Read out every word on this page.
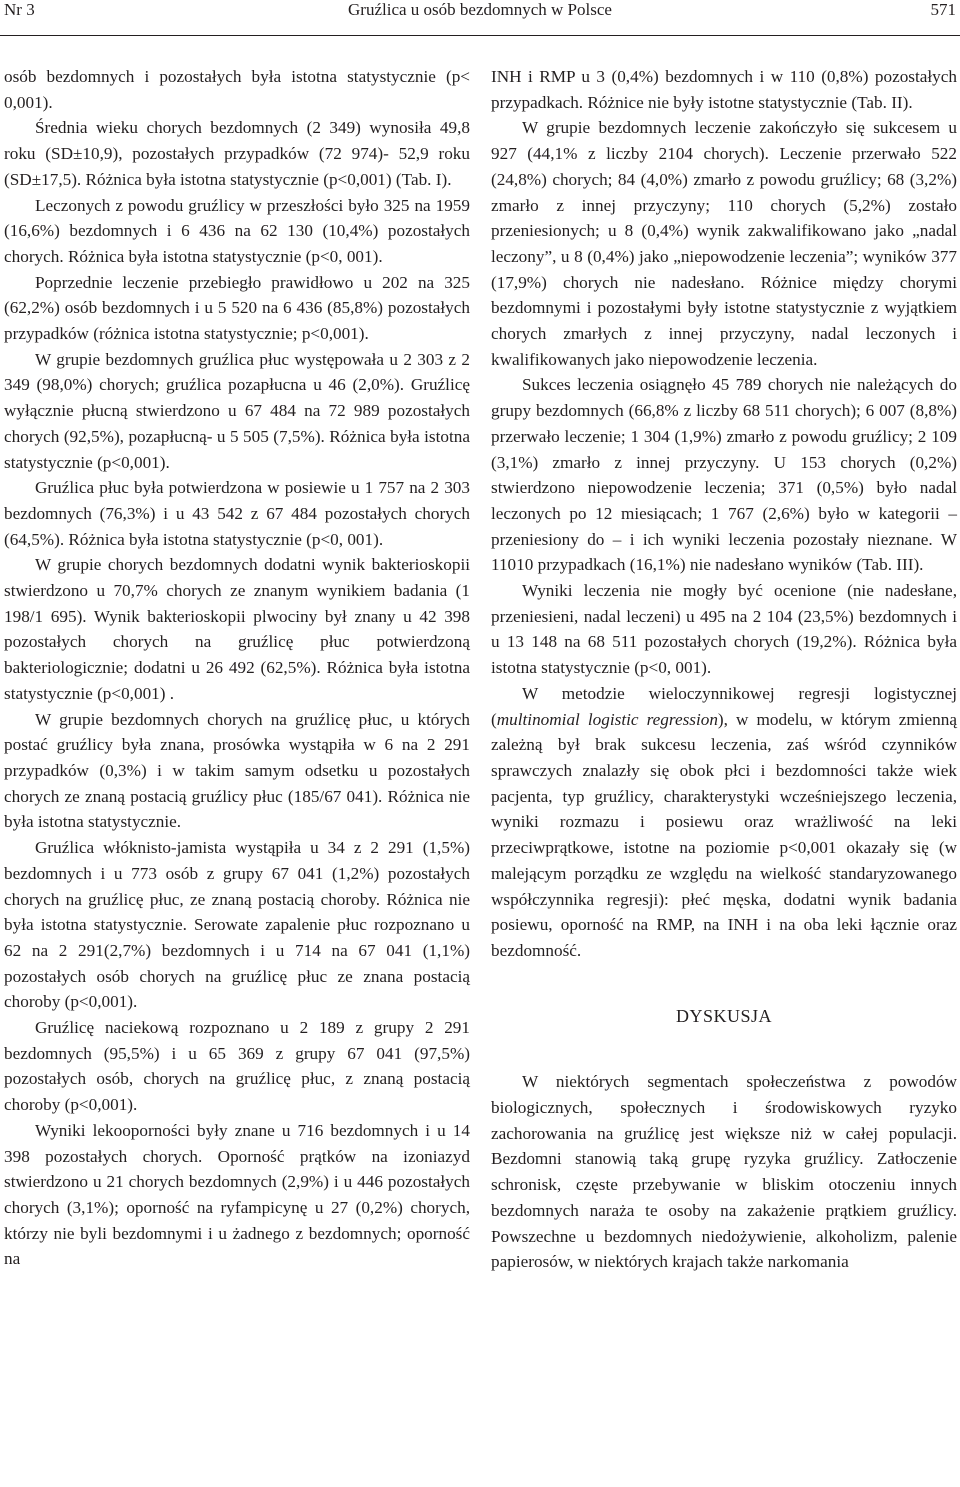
Nr 3	Gruźlica u osób bezdomnych w Polsce	571

osób bezdomnych i pozostałych była istotna statystycznie (p< 0,001).

Średnia wieku chorych bezdomnych (2 349) wynosiła 49,8 roku (SD±10,9), pozostałych przypadków (72 974)- 52,9 roku (SD±17,5). Różnica była istotna statystycznie (p<0,001) (Tab. I).

Leczonych z powodu gruźlicy w przeszłości było 325 na 1959 (16,6%) bezdomnych i 6 436 na 62 130 (10,4%) pozostałych chorych. Różnica była istotna statystycznie (p<0, 001).

Poprzednie leczenie przebiegło prawidłowo u 202 na 325 (62,2%) osób bezdomnych i u 5 520 na 6 436 (85,8%) pozostałych przypadków (różnica istotna statystycznie; p<0,001).

W grupie bezdomnych gruźlica płuc występowała u 2 303 z 2 349 (98,0%) chorych; gruźlica pozapłucna u 46 (2,0%). Gruźlicę wyłącznie płucną stwierdzono u 67 484 na 72 989 pozostałych chorych (92,5%), pozapłucną- u 5 505 (7,5%). Różnica była istotna statystycznie (p<0,001).

Gruźlica płuc była potwierdzona w posiewie u 1 757 na 2 303 bezdomnych (76,3%) i u 43 542 z 67 484 pozostałych chorych (64,5%). Różnica była istotna statystycznie (p<0, 001).

W grupie chorych bezdomnych dodatni wynik bakterioskopii stwierdzono u 70,7% chorych ze znanym wynikiem badania (1 198/1 695). Wynik bakterioskopii plwociny był znany u 42 398 pozostałych chorych na gruźlicę płuc potwierdzoną bakteriologicznie; dodatni u 26 492 (62,5%). Różnica była istotna statystycznie (p<0,001) .

W grupie bezdomnych chorych na gruźlicę płuc, u których postać gruźlicy była znana, prosówka wystąpiła w 6 na 2 291 przypadków (0,3%) i w takim samym odsetku u pozostałych chorych ze znaną postacią gruźlicy płuc (185/67 041). Różnica nie była istotna statystycznie.

Gruźlica włóknisto-jamista wystąpiła u 34 z 2 291 (1,5%) bezdomnych i u 773 osób z grupy 67 041 (1,2%) pozostałych chorych na gruźlicę płuc, ze znaną postacią choroby. Różnica nie była istotna statystycznie. Serowate zapalenie płuc rozpoznano u 62 na 2 291(2,7%) bezdomnych i u 714 na 67 041 (1,1%) pozostałych osób chorych na gruźlicę płuc ze znana postacią choroby (p<0,001).

Gruźlicę naciekową rozpoznano u 2 189 z grupy 2 291 bezdomnych (95,5%) i u 65 369 z grupy 67 041 (97,5%) pozostałych osób, chorych na gruźlicę płuc, z znaną postacią choroby (p<0,001).

Wyniki lekooporności były znane u 716 bezdomnych i u 14 398 pozostałych chorych. Oporność prątków na izoniazyd stwierdzono u 21 chorych bezdomnych (2,9%) i u 446 pozostałych chorych (3,1%); oporność na ryfampicynę u 27 (0,2%) chorych, którzy nie byli bezdomnymi i u żadnego z bezdomnych; oporność na

INH i RMP u 3 (0,4%) bezdomnych i w 110 (0,8%) pozostałych przypadkach. Różnice nie były istotne statystycznie (Tab. II).

W grupie bezdomnych leczenie zakończyło się sukcesem u 927 (44,1% z liczby 2104 chorych). Leczenie przerwało 522 (24,8%) chorych; 84 (4,0%) zmarło z powodu gruźlicy; 68 (3,2%) zmarło z innej przyczyny; 110 chorych (5,2%) zostało przeniesionych; u 8 (0,4%) wynik zakwalifikowano jako „nadal leczony”, u 8 (0,4%) jako „niepowodzenie leczenia”; wyników 377 (17,9%) chorych nie nadesłano. Różnice między chorymi bezdomnymi i pozostałymi były istotne statystycznie z wyjątkiem chorych zmarłych z innej przyczyny, nadal leczonych i kwalifikowanych jako niepowodzenie leczenia.

Sukces leczenia osiągnęło 45 789 chorych nie należących do grupy bezdomnych (66,8% z liczby 68 511 chorych); 6 007 (8,8%) przerwało leczenie; 1 304 (1,9%) zmarło z powodu gruźlicy; 2 109 (3,1%) zmarło z innej przyczyny. U 153 chorych (0,2%) stwierdzono niepowodzenie leczenia; 371 (0,5%) było nadal leczonych po 12 miesiącach; 1 767 (2,6%) było w kategorii – przeniesiony do – i ich wyniki leczenia pozostały nieznane. W 11010 przypadkach (16,1%) nie nadesłano wyników (Tab. III).

Wyniki leczenia nie mogły być ocenione (nie nadesłane, przeniesieni, nadal leczeni) u 495 na 2 104 (23,5%) bezdomnych i u 13 148 na 68 511 pozostałych chorych (19,2%). Różnica była istotna statystycznie (p<0, 001).

W metodzie wieloczynnikowej regresji logistycznej (multinomial logistic regression), w modelu, w którym zmienną zależną był brak sukcesu leczenia, zaś wśród czynników sprawczych znalazły się obok płci i bezdomności także wiek pacjenta, typ gruźlicy, charakterystyki wcześniejszego leczenia, wyniki rozmazu i posiewu oraz wrażliwość na leki przeciwprątkowe, istotne na poziomie p<0,001 okazały się (w malejącym porządku ze względu na wielkość standaryzowanego współczynnika regresji): płeć męska, dodatni wynik badania posiewu, oporność na RMP, na INH i na oba leki łącznie oraz bezdomność.

DYSKUSJA

W niektórych segmentach społeczeństwa z powodów biologicznych, społecznych i środowiskowych ryzyko zachorowania na gruźlicę jest większe niż w całej populacji. Bezdomni stanowią taką grupę ryzyka gruźlicy. Zatłoczenie schronisk, częste przebywanie w bliskim otoczeniu innych bezdomnych naraża te osoby na zakażenie prątkiem gruźlicy. Powszechne u bezdomnych niedożywienie, alkoholizm, palenie papierosów, w niektórych krajach także narkomania
